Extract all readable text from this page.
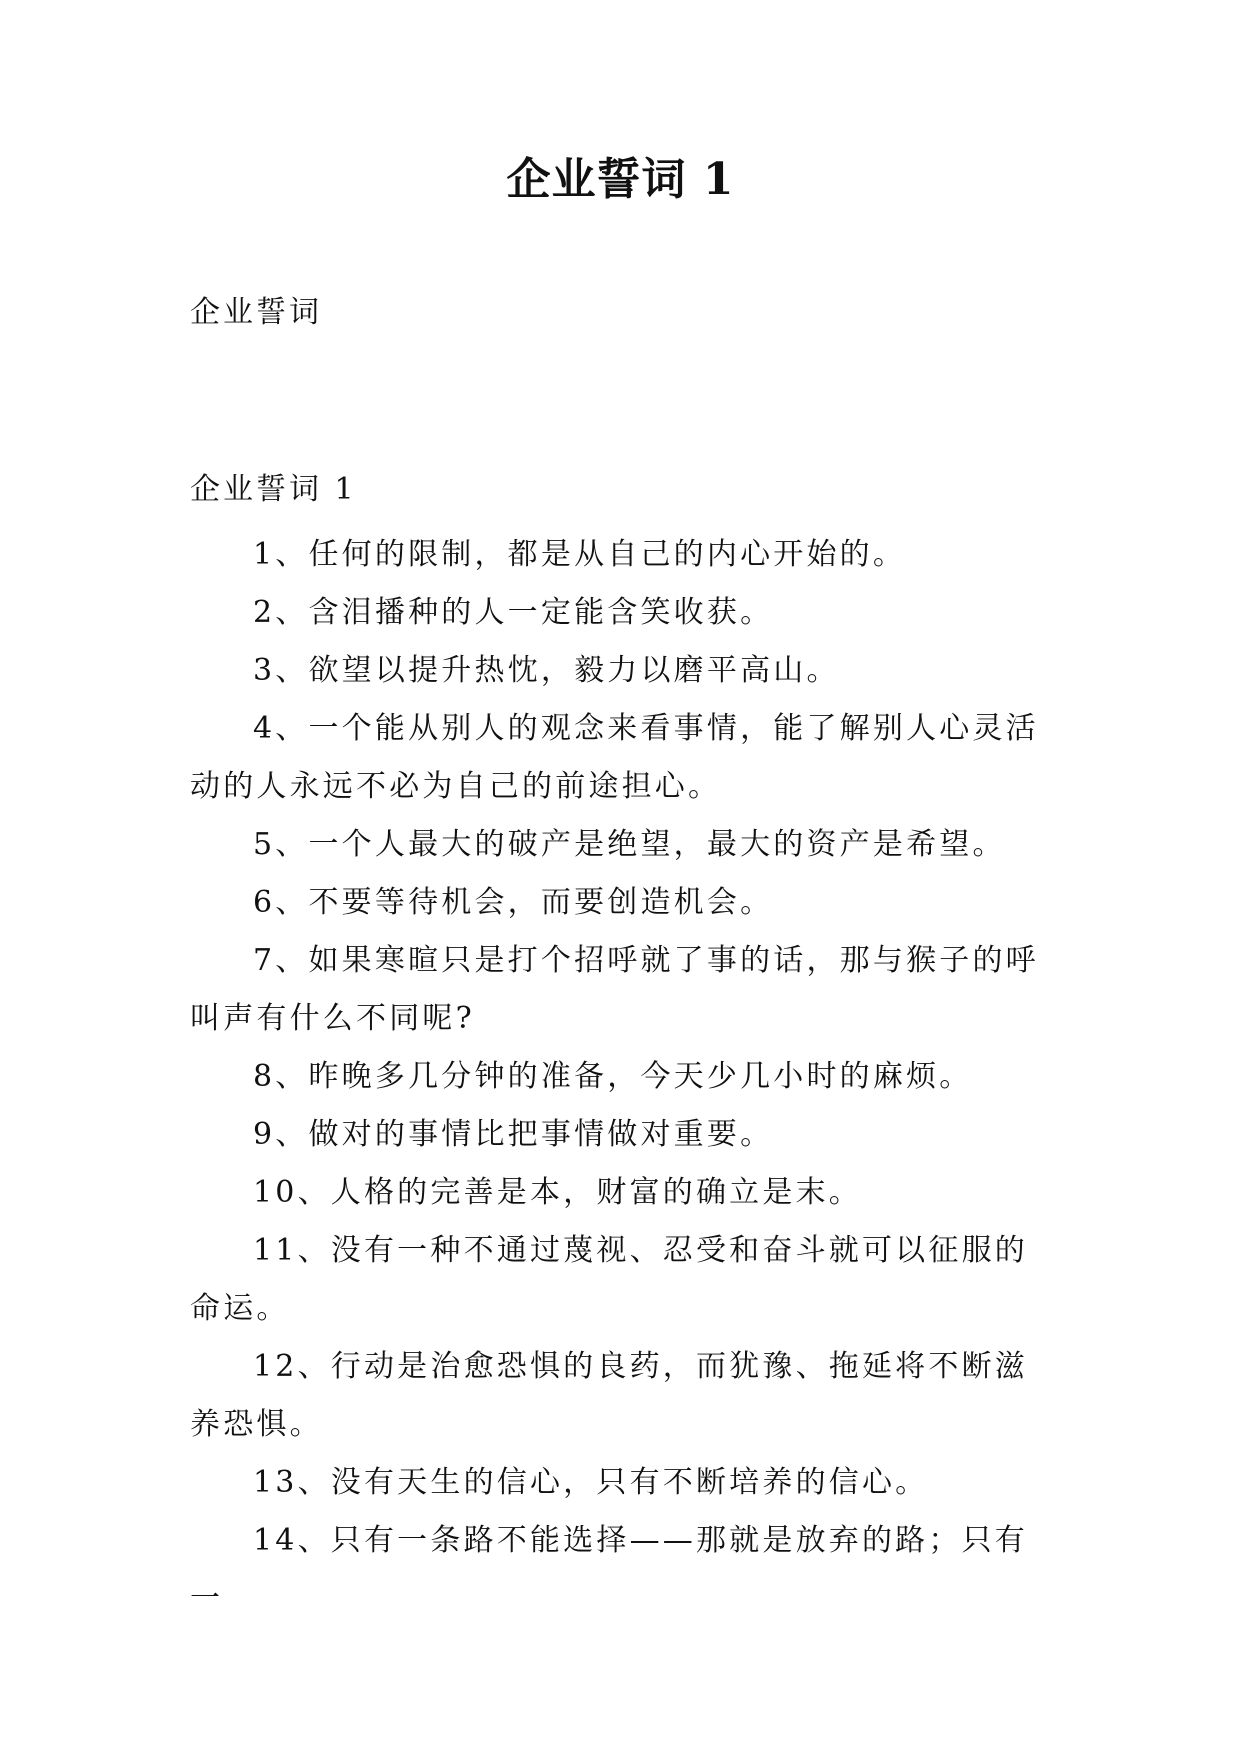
企业誓词 1

企业誓词

企业誓词 1

1、任何的限制，都是从自己的内心开始的。
2、含泪播种的人一定能含笑收获。
3、欲望以提升热忱，毅力以磨平高山。
4、一个能从别人的观念来看事情，能了解别人心灵活动的人永远不必为自己的前途担心。
5、一个人最大的破产是绝望，最大的资产是希望。
6、不要等待机会，而要创造机会。
7、如果寒暄只是打个招呼就了事的话，那与猴子的呼叫声有什么不同呢?
8、昨晚多几分钟的准备，今天少几小时的麻烦。
9、做对的事情比把事情做对重要。
10、人格的完善是本，财富的确立是末。
11、没有一种不通过蔑视、忍受和奋斗就可以征服的命运。
12、行动是治愈恐惧的良药，而犹豫、拖延将不断滋养恐惧。
13、没有天生的信心，只有不断培养的信心。
14、只有一条路不能选择——那就是放弃的路；只有一
